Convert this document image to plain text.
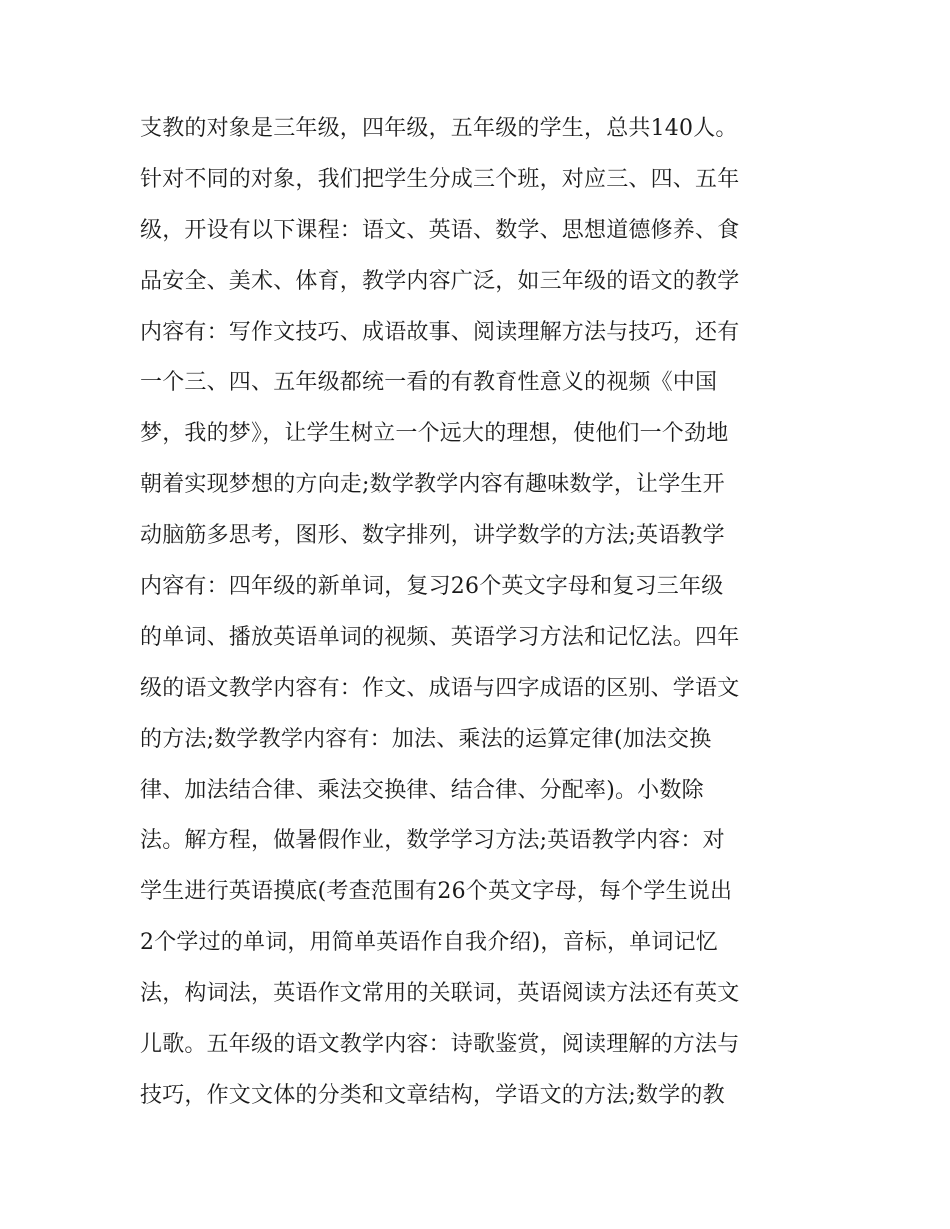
支教的对象是三年级，四年级，五年级的学生，总共140人。
针对不同的对象，我们把学生分成三个班，对应三、四、五年
级，开设有以下课程：语文、英语、数学、思想道德修养、食
品安全、美术、体育，教学内容广泛，如三年级的语文的教学
内容有：写作文技巧、成语故事、阅读理解方法与技巧，还有
一个三、四、五年级都统一看的有教育性意义的视频《中国
梦，我的梦》，让学生树立一个远大的理想，使他们一个劲地
朝着实现梦想的方向走;数学教学内容有趣味数学，让学生开
动脑筋多思考，图形、数字排列，讲学数学的方法;英语教学
内容有：四年级的新单词，复习26个英文字母和复习三年级
的单词、播放英语单词的视频、英语学习方法和记忆法。四年
级的语文教学内容有：作文、成语与四字成语的区别、学语文
的方法;数学教学内容有：加法、乘法的运算定律(加法交换
律、加法结合律、乘法交换律、结合律、分配率)。小数除
法。解方程，做暑假作业，数学学习方法;英语教学内容：对
学生进行英语摸底(考查范围有26个英文字母，每个学生说出
2个学过的单词，用简单英语作自我介绍)，音标，单词记忆
法，构词法，英语作文常用的关联词，英语阅读方法还有英文
儿歌。五年级的语文教学内容：诗歌鉴赏，阅读理解的方法与
技巧，作文文体的分类和文章结构，学语文的方法;数学的教
